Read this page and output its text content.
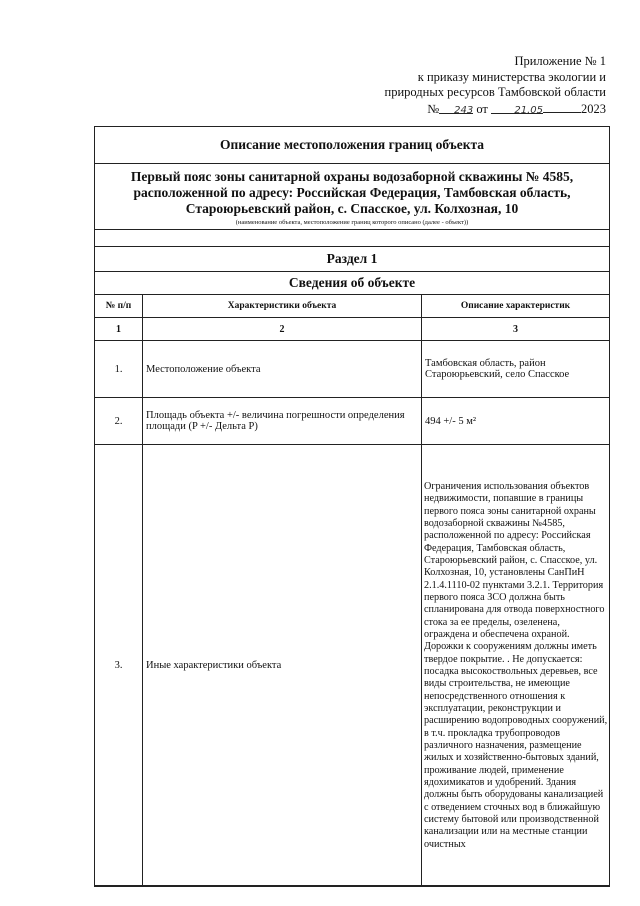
Приложение № 1
к приказу министерства экологии и
природных ресурсов Тамбовской области
№ 243 от	21.05	2023
Описание местоположения границ объекта
Первый пояс зоны санитарной охраны водозаборной скважины № 4585, расположенной по адресу: Российская Федерация, Тамбовская область, Староюрьевский район, с. Спасское, ул. Колхозная, 10
(наименование объекта, местоположение границ которого описано (далее - объект))
Раздел 1
Сведения об объекте
№ п/п	Характеристики объекта	Описание характеристик
1	2	3
1.	Местоположение объекта	Тамбовская область, район Староюрьевский, село Спасское
2.	Площадь объекта +/- величина погрешности определения площади (P +/- Дельта P)	494 +/- 5 м²
3.	Иные характеристики объекта	Ограничения использования объектов недвижимости, попавшие в границы первого пояса зоны санитарной охраны водозаборной скважины №4585, расположенной по адресу: Российская Федерация, Тамбовская область, Староюрьевский район, с. Спасское, ул. Колхозная, 10, установлены СанПиН 2.1.4.1110-02 пунктами 3.2.1. Территория первого пояса ЗСО должна быть спланирована для отвода поверхностного стока за ее пределы, озеленена, ограждена и обеспечена охраной. Дорожки к сооружениям должны иметь твердое покрытие. . Не допускается: посадка высокоствольных деревьев, все виды строительства, не имеющие непосредственного отношения к эксплуатации, реконструкции и расширению водопроводных сооружений, в т.ч. прокладка трубопроводов различного назначения, размещение жилых и хозяйственно-бытовых зданий, проживание людей, применение ядохимикатов и удобрений. Здания должны быть оборудованы канализацией с отведением сточных вод в ближайшую систему бытовой или производственной канализации или на местные станции очистных
